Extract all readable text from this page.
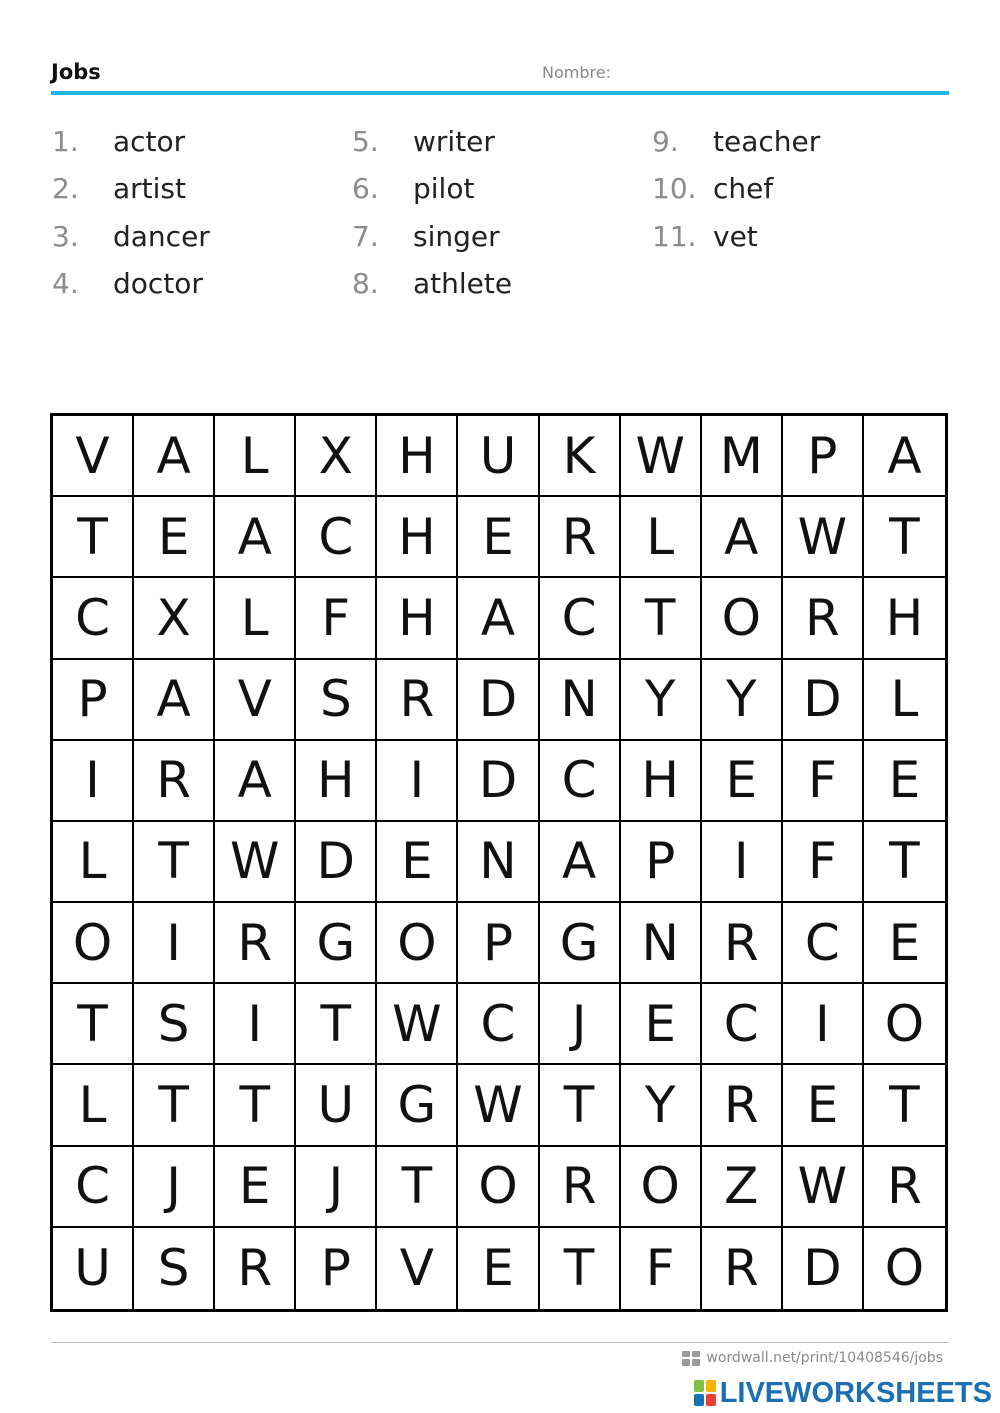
Jobs	Nombre:
1. actor
2. artist
3. dancer
4. doctor
5. writer
6. pilot
7. singer
8. athlete
9. teacher
10. chef
11. vet
V A	L	X H U K W M P A
T	E A C H E R L	A W T
C X	L	F H A C T O R H
P A V S R D N Y	Y D L
I	R A H	I	D C H E	F	E
L	T W D E N A P	I	F	T
O	I	R G O P G N R C E
T S	I	T W C	J	E C	I	O
L	T	T U G W T	Y R E	T
C	J	E	J	T O R O Z W R
U S R P V E	T	F R D O
wordwall.net/print/10408546/jobs
LIVEWORKSHEETS
